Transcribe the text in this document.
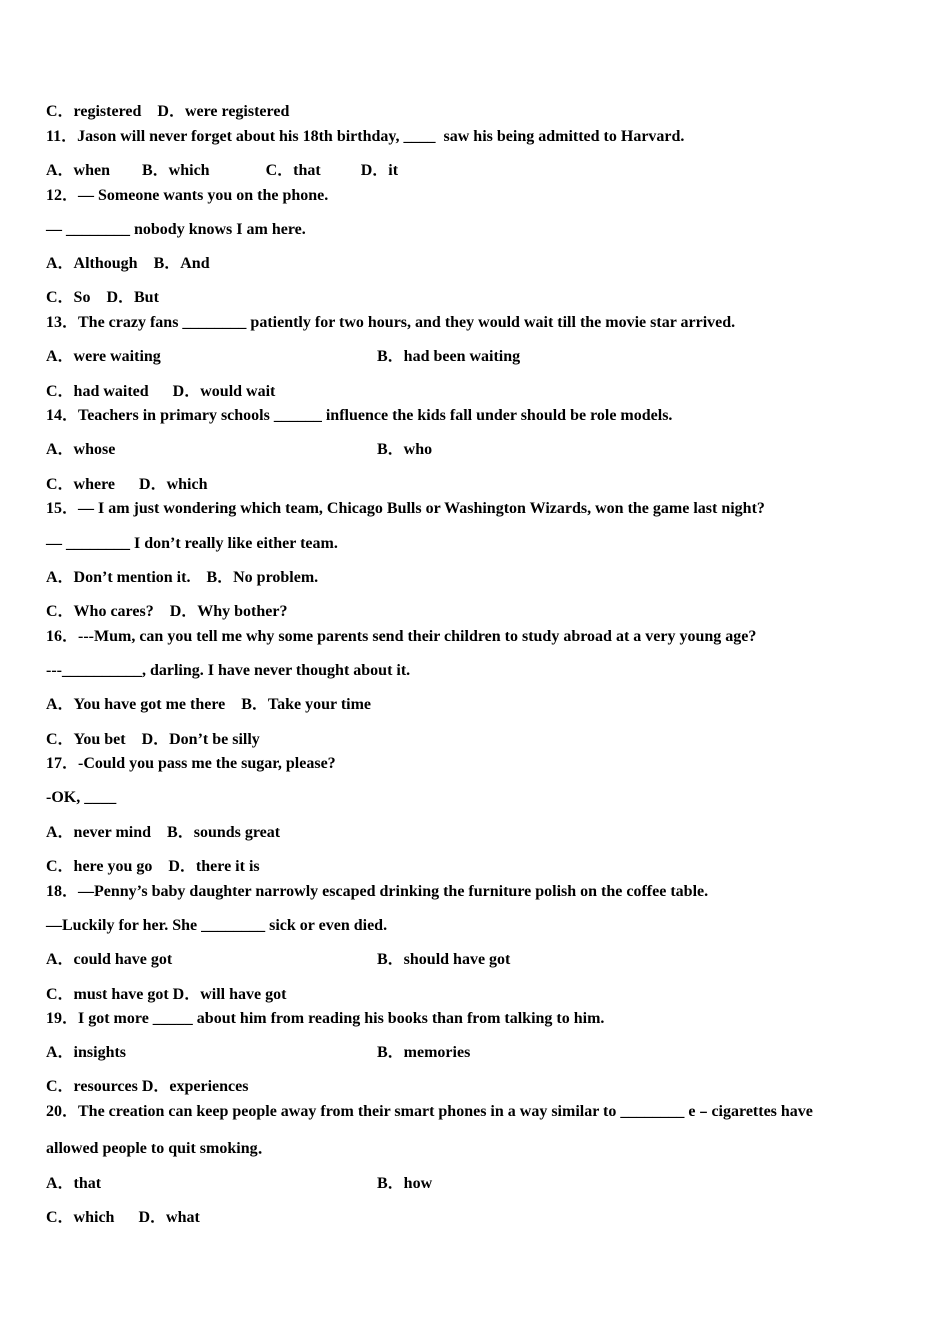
C．registered    D．were registered
11．Jason will never forget about his 18th birthday, ____  saw his being admitted to Harvard.
A．when        B．which              C．that          D．it
12．— Someone wants you on the phone.
— ________ nobody knows I am here.
A．Although    B．And
C．So    D．But
13．The crazy fans ________ patiently for two hours, and they would wait till the movie star arrived.
A．were waiting	B．had been waiting
C．had waited      D．would wait
14．Teachers in primary schools ______ influence the kids fall under should be role models.
A．whose	B．who
C．where      D．which
15．— I am just wondering which team, Chicago Bulls or Washington Wizards, won the game last night?
— ________ I don’t really like either team.
A．Don’t mention it.    B．No problem.
C．Who cares?    D．Why bother?
16．---Mum, can you tell me why some parents send their children to study abroad at a very young age?
---__________, darling. I have never thought about it.
A．You have got me there    B．Take your time
C．You bet    D．Don’t be silly
17．-Could you pass me the sugar, please?
-OK, ____
A．never mind    B．sounds great
C．here you go    D．there it is
18．—Penny’s baby daughter narrowly escaped drinking the furniture polish on the coffee table.
—Luckily for her. She ________ sick or even died.
A．could have got	B．should have got
C．must have got D．will have got
19．I got more _____ about him from reading his books than from talking to him.
A．insights	B．memories
C．resources D．experiences
20．The creation can keep people away from their smart phones in a way similar to ________ e﹣cigarettes have
allowed people to quit smoking．
A．that	B．how
C．which      D．what
